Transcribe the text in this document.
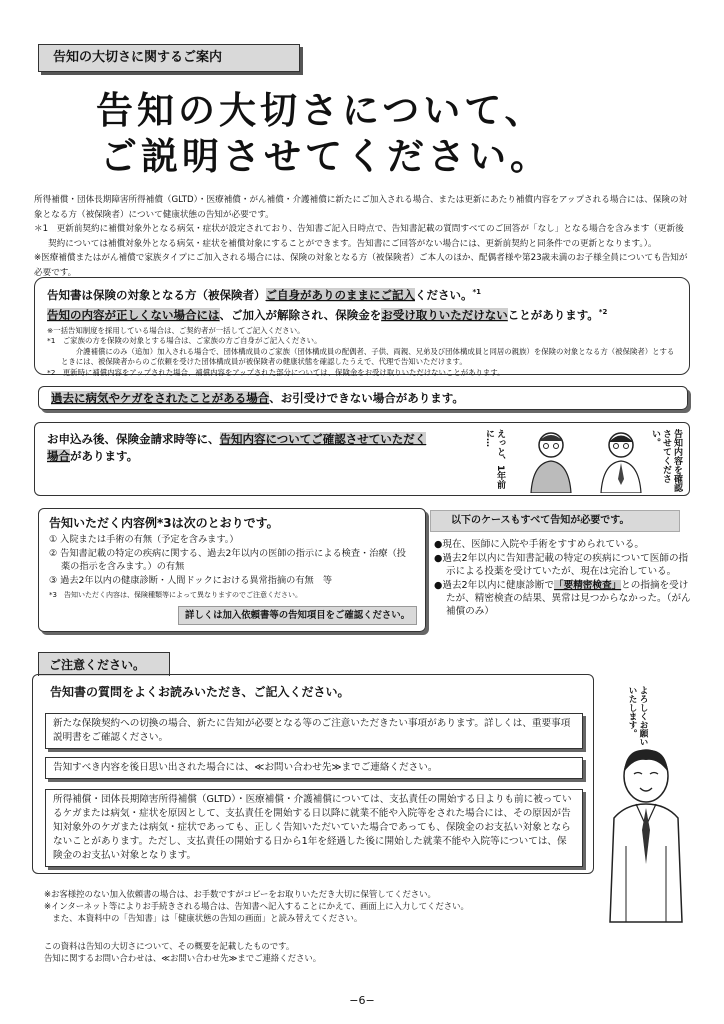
告知の大切さに関するご案内
告知の大切さについて、
ご説明させてください。

所得補償・団体長期障害所得補償（GLTD）・医療補償・がん補償・介護補償に新たにご加入される場合、または更新にあたり補償内容をアップされる場合には、保険の対象となる方（被保険者）について健康状態の告知が必要です。

＊1　更新前契約に補償対象外となる病気・症状が設定されており、告知書ご記入日時点で、告知書記載の質問すべてのご回答が「なし」となる場合を含みます（更新後契約については補償対象外となる病気・症状を補償対象にすることができます。告知書にご回答がない場合には、更新前契約と同条件での更新となります。）。

※医療補償またはがん補償で家族タイプにご加入される場合には、保険の対象となる方（被保険者）ご本人のほか、配偶者様や第23歳未満のお子様全員についても告知が必要です。

告知書は保険の対象となる方（被保険者）ご自身がありのままにご記入ください。$^{*1}$
告知の内容が正しくない場合には、ご加入が解除され、保険金をお受け取りいただけないことがあります。$^{*2}$
※一括告知制度を採用している場合は、ご契約者が一括してご記入ください。
*1　ご家族の方を保険の対象とする場合は、ご家族の方ご自身がご記入ください。
　　介護補償にのみ（追加）加入される場合で、団体構成員のご家族（団体構成員の配偶者、子供、両親、兄弟及び団体構成員と同居の親族）を保険の対象となる方（被保険者）とするときには、被保険者からのご依頼を受けた団体構成員が被保険者の健康状態を確認したうえで、代理で告知いただけます。
*2　更新時に補償内容をアップされた場合、補償内容をアップされた部分については、保険金をお受け取りいただけないことがあります。
過去に病気やケガをされたことがある場合、お引受けできない場合があります。
お申込み後、保険金請求時等に、告知内容についてご確認させていただく場合があります。	えっと、1年前に…	告知内容を確認させてください。
告知いただく内容例*3は次のとおりです。
① 入院または手術の有無（予定を含みます。）
② 告知書記載の特定の疾病に関する、過去2年以内の医師の指示による検査・治療（投薬の指示を含みます。）の有無
③ 過去2年以内の健康診断・人間ドックにおける異常指摘の有無　等
*3　告知いただく内容は、保険種類等によって異なりますのでご注意ください。
詳しくは加入依頼書等の告知項目をご確認ください。
以下のケースもすべて告知が必要です。
●現在、医師に入院や手術をすすめられている。
●過去2年以内に告知書記載の特定の疾病について医師の指示による投薬を受けていたが、現在は完治している。
●過去2年以内に健康診断で「要精密検査」との指摘を受けたが、精密検査の結果、異常は見つからなかった。（がん補償のみ）
ご注意ください。
新たな保険契約への切換の場合、新たに告知が必要となる等のご注意いただきたい事項があります。詳しくは、重要事項説明書をご確認ください。
告知すべき内容を後日思い出された場合には、≪お問い合わせ先≫までご連絡ください。
所得補償・団体長期障害所得補償（GLTD）・医療補償・介護補償については、支払責任の開始する日よりも前に被っているケガまたは病気・症状を原因として、支払責任を開始する日以降に就業不能や入院等をされた場合には、その原因が告知対象外のケガまたは病気・症状であっても、正しく告知いただいていた場合であっても、保険金のお支払い対象とならないことがあります。ただし、支払責任の開始する日から1年を経過した後に開始した就業不能や入院等については、保険金のお支払い対象となります。
告知書の質問をよくお読みいただき、ご記入ください。	よろしくお願いいたします。
※お客様控のない加入依頼書の場合は、お手数ですがコピーをお取りいただき大切に保管してください。
※インターネット等によりお手続きされる場合は、告知書へ記入することにかえて、画面上に入力してください。
　また、本資料中の「告知書」は「健康状態の告知の画面」と読み替えてください。
この資料は告知の大切さについて、その概要を記載したものです。
告知に関するお問い合わせは、≪お問い合わせ先≫までご連絡ください。
−6−
